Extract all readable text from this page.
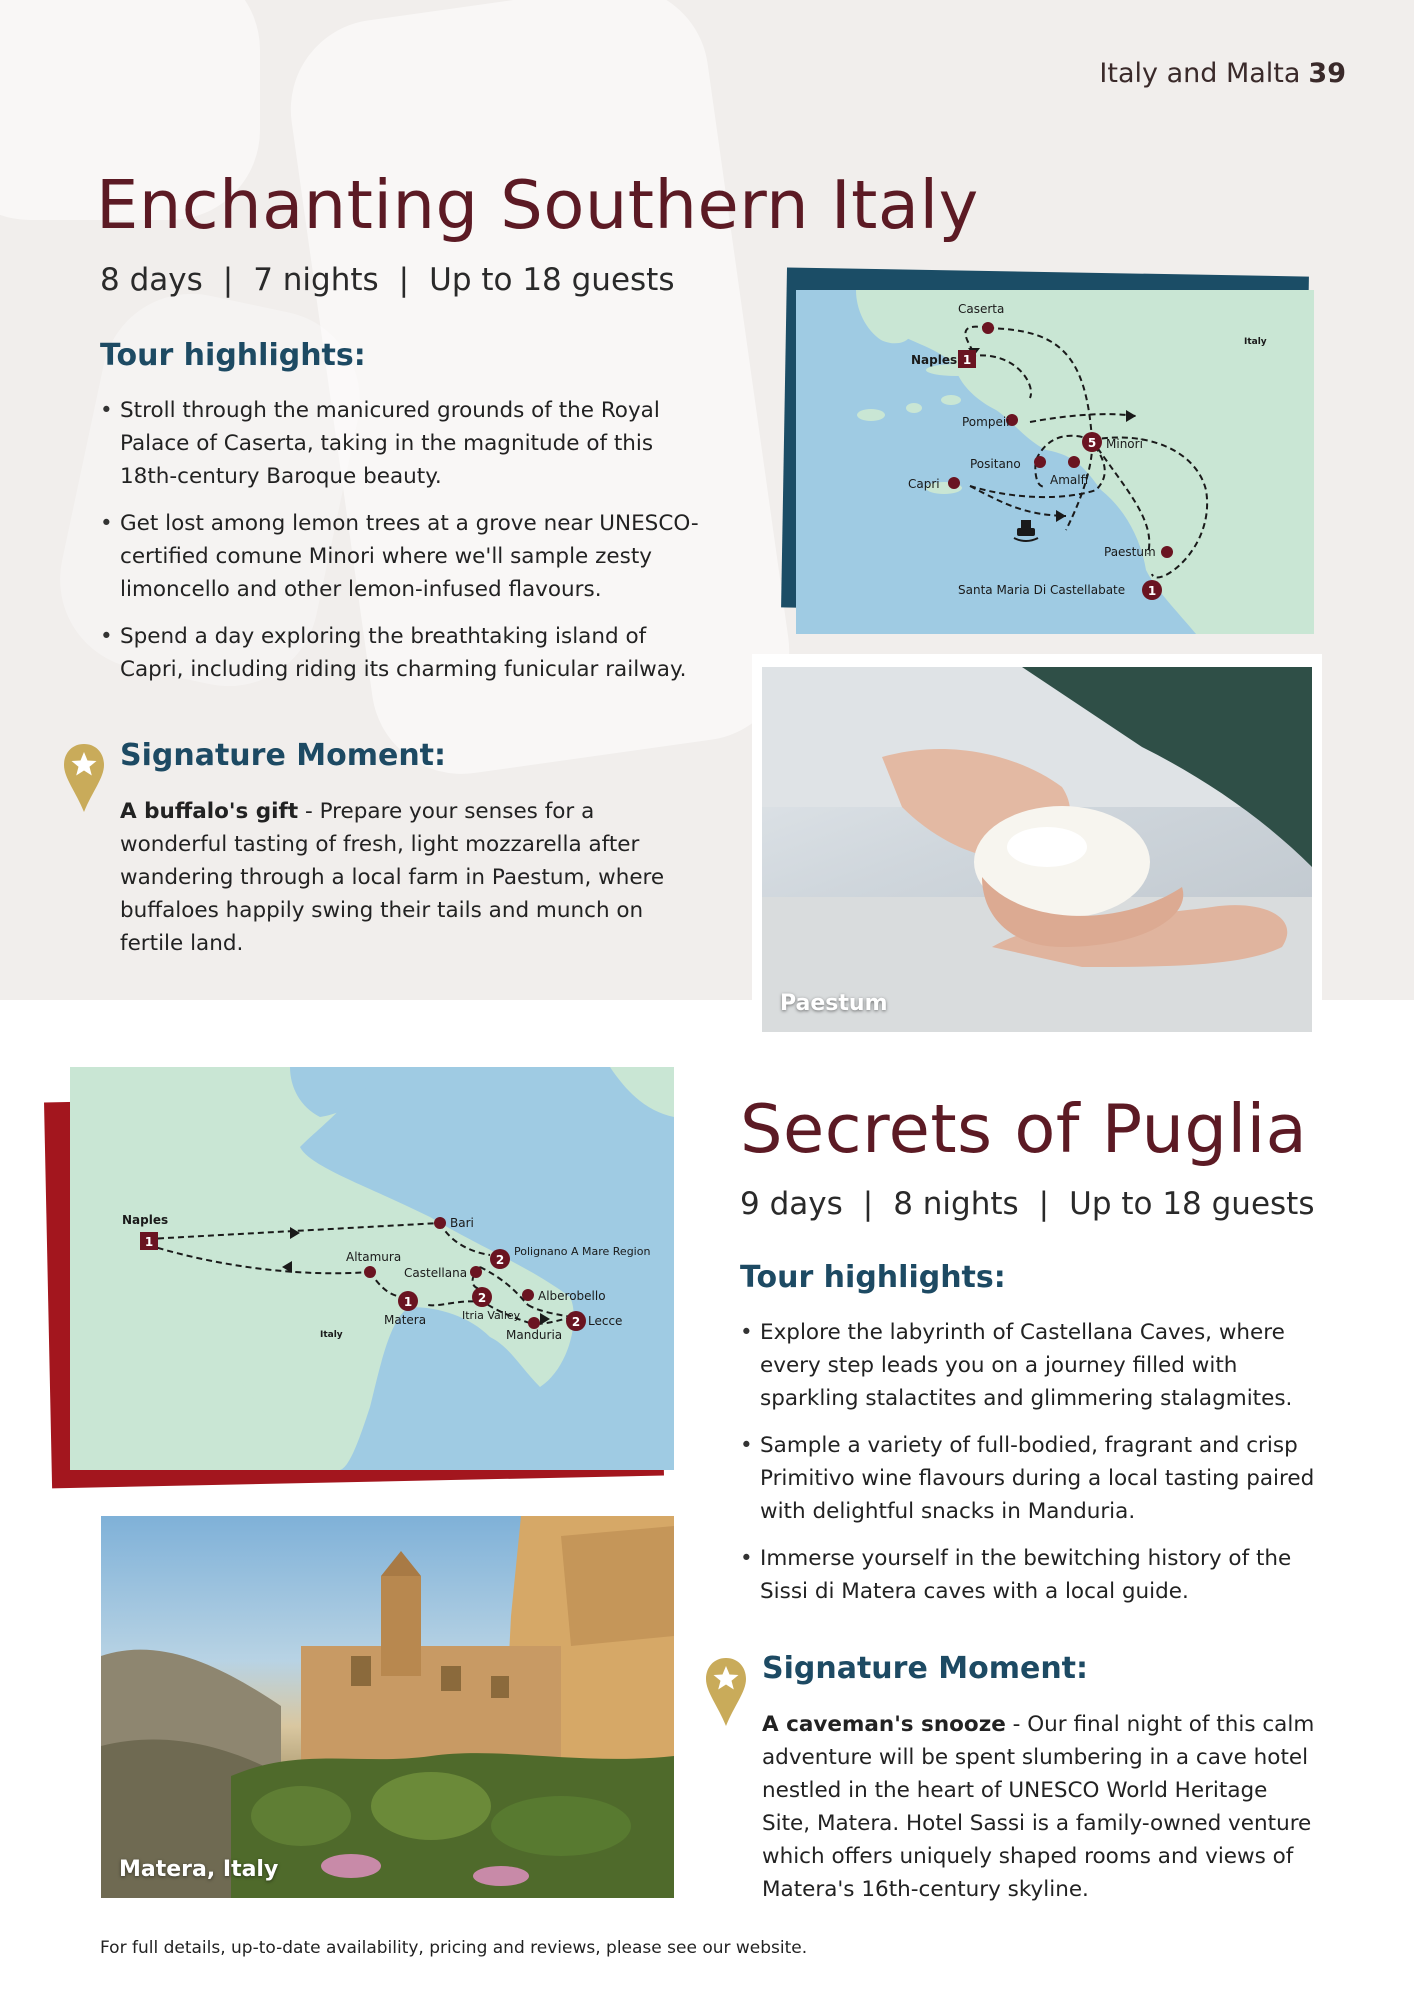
Italy and Malta 39
Enchanting Southern Italy
8 days | 7 nights | Up to 18 guests
Tour highlights:
• Stroll through the manicured grounds of the Royal Palace of Caserta, taking in the magnitude of this 18th-century Baroque beauty.
• Get lost among lemon trees at a grove near UNESCO-certified comune Minori where we'll sample zesty limoncello and other lemon-infused flavours.
• Spend a day exploring the breathtaking island of Capri, including riding its charming funicular railway.
Signature Moment:

A buffalo's gift - Prepare your senses for a wonderful tasting of fresh, light mozzarella after wandering through a local farm in Paestum, where buffaloes happily swing their tails and munch on fertile land.

Caserta
Naples
Pompeii
Minori
Positano
Amalfi
Capri
Paestum
Santa Maria Di Castellabate
Italy
1
5
1
Paestum
Naples	Bari
Altamura
Castellana
Polignano A Mare Region
Alberobello
Matera	Itria Valley
Manduria
Lecce
Italy
1
1	2
2
2
Secrets of Puglia
9 days | 8 nights | Up to 18 guests
Tour highlights:
• Explore the labyrinth of Castellana Caves, where every step leads you on a journey filled with sparkling stalactites and glimmering stalagmites.
• Sample a variety of full-bodied, fragrant and crisp Primitivo wine flavours during a local tasting paired with delightful snacks in Manduria.
• Immerse yourself in the bewitching history of the Sissi di Matera caves with a local guide.
Signature Moment:

A caveman's snooze - Our final night of this calm adventure will be spent slumbering in a cave hotel nestled in the heart of UNESCO World Heritage Site, Matera. Hotel Sassi is a family-owned venture which offers uniquely shaped rooms and views of Matera's 16th-century skyline.

Matera, Italy
For full details, up-to-date availability, pricing and reviews, please see our website.
